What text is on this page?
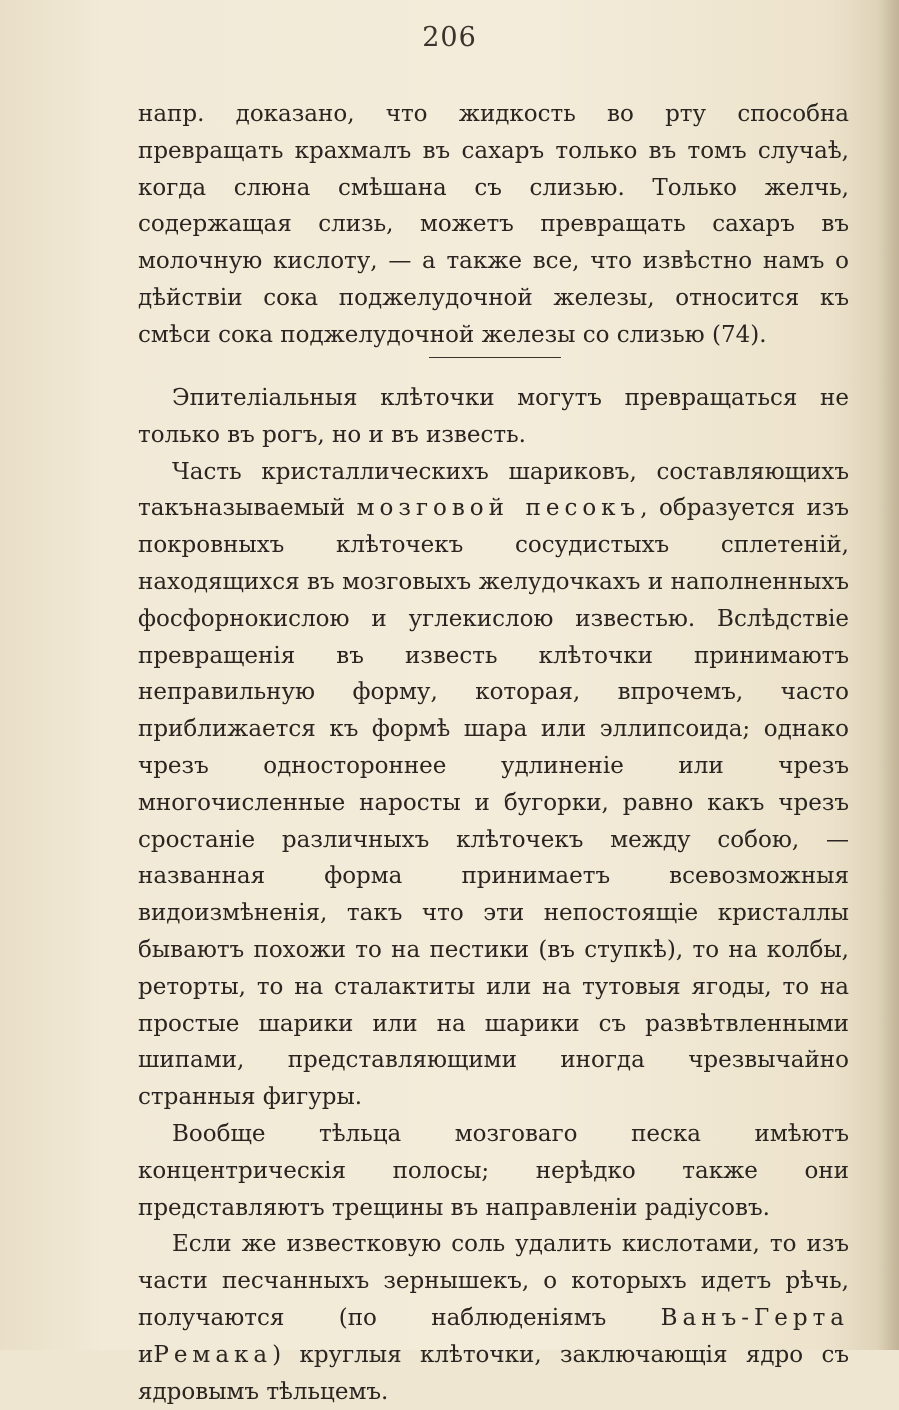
206

напр. доказано, что жидкость во рту способна превращать крахмалъ въ сахаръ только въ томъ случаѣ, когда слюна смѣшана съ слизью. Только желчь, содержащая слизь, можетъ превращать сахаръ въ молочную кислоту, — а также все, что извѣстно намъ о дѣйствіи сока поджелудочной железы, относится къ смѣси сока поджелудочной железы со слизью (74).

Эпителіальныя клѣточки могутъ превращаться не только въ рогъ, но и въ известь.

Часть кристаллическихъ шариковъ, составляющихъ такъназываемый мозговой песокъ, образуется изъ покровныхъ клѣточекъ сосудистыхъ сплетеній, находящихся въ мозговыхъ желудочкахъ и наполненныхъ фосфорнокислою и углекислою известью. Вслѣдствіе превращенія въ известь клѣточки принимаютъ неправильную форму, которая, впрочемъ, часто приближается къ формѣ шара или эллипсоида; однако чрезъ одностороннее удлиненіе или чрезъ многочисленные наросты и бугорки, равно какъ чрезъ сростаніе различныхъ клѣточекъ между собою, — названная форма принимаетъ всевозможныя видоизмѣненія, такъ что эти непостоящіе кристаллы бываютъ похожи то на пестики (въ ступкѣ), то на колбы, реторты, то на сталактиты или на тутовыя ягоды, то на простые шарики или на шарики съ развѣтвленными шипами, представляющими иногда чрезвычайно странныя фигуры.

Вообще тѣльца мозговаго песка имѣютъ концентрическія полосы; нерѣдко также они представляютъ трещины въ направленіи радіусовъ.

Если же известковую соль удалить кислотами, то изъ части песчанныхъ зернышекъ, о которыхъ идетъ рѣчь, получаются (по наблюденіямъ Ванъ-Герта иРемака) круглыя клѣточки, заключающія ядро съ ядровымъ тѣльцемъ.
